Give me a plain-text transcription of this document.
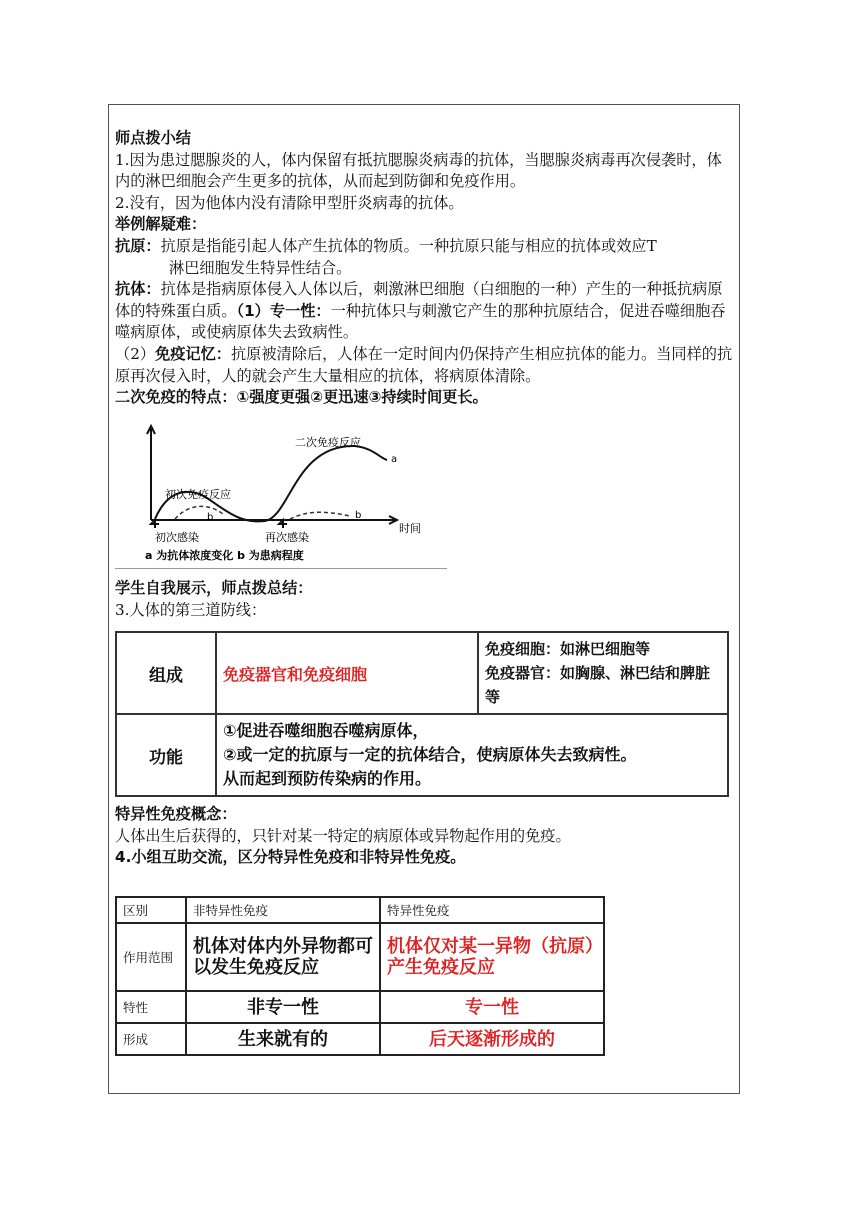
师点拨小结

1.因为患过腮腺炎的人，体内保留有抵抗腮腺炎病毒的抗体，当腮腺炎病毒再次侵袭时，体内的淋巴细胞会产生更多的抗体，从而起到防御和免疫作用。

2.没有，因为他体内没有清除甲型肝炎病毒的抗体。

举例解疑难：

抗原：抗原是指能引起人体产生抗体的物质。一种抗原只能与相应的抗体或效应T

淋巴细胞发生特异性结合。

抗体：抗体是指病原体侵入人体以后，刺激淋巴细胞（白细胞的一种）产生的一种抵抗病原体的特殊蛋白质。（1）专一性：一种抗体只与刺激它产生的那种抗原结合，促进吞噬细胞吞噬病原体，或使病原体失去致病性。

（2）免疫记忆：抗原被清除后，人体在一定时间内仍保持产生相应抗体的能力。当同样的抗原再次侵入时，人的就会产生大量相应的抗体，将病原体清除。

二次免疫的特点：①强度更强②更迅速③持续时间更长。

二次免疫反应
a
初次免疫反应
b	b
时间
初次感染	再次感染
a 为抗体浓度变化 b 为患病程度

学生自我展示，师点拨总结：

3.人体的第三道防线：

组成	免疫器官和免疫细胞	免疫细胞：如淋巴细胞等
免疫器官：如胸腺、淋巴结和脾脏等

功能	①促进吞噬细胞吞噬病原体，
②或一定的抗原与一定的抗体结合，使病原体失去致病性。
从而起到预防传染病的作用。	

特异性免疫概念：

人体出生后获得的，只针对某一特定的病原体或异物起作用的免疫。

4.小组互助交流，区分特异性免疫和非特异性免疫。

区别	非特异性免疫	特异性免疫
作用范围	机体对体内外异物都可以发生免疫反应	机体仅对某一异物（抗原）产生免疫反应
特性	非专一性	专一性
形成	生来就有的	后天逐渐形成的
